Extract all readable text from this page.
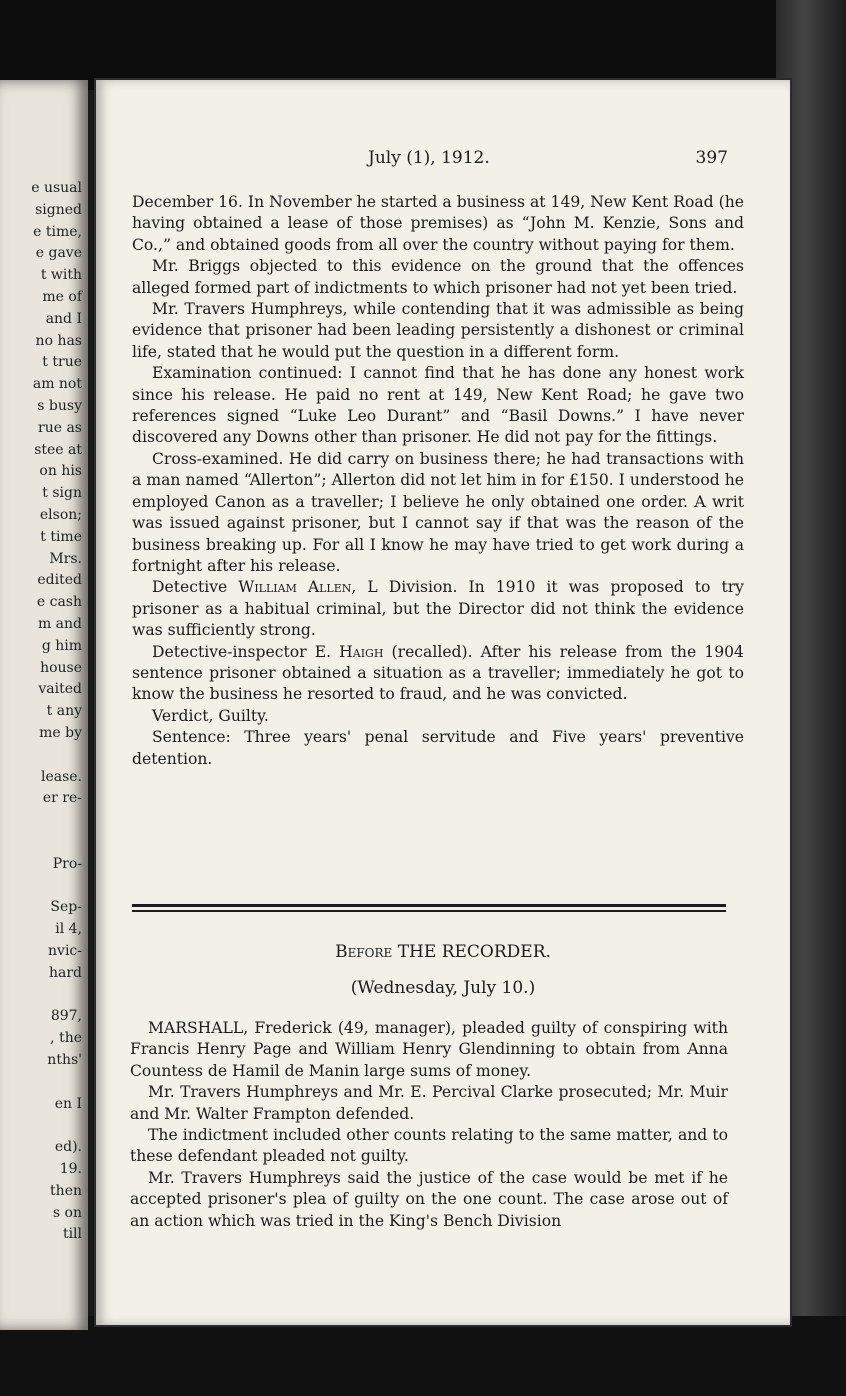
e usual
signed
e time,
e gave
t with
me of
and I
no has
t true
am not
s busy
rue as
stee at
on his
t sign
elson;
t time
Mrs.
edited
e cash
m and
g him
house
vaited
t any
me by
lease.
er re-
Pro-
Sep-
il 4,
nvic-
hard
897,
, the
nths'
en I
ed).
19.
then
s on
till
July (1), 1912.	397

December 16. In November he started a business at 149, New Kent Road (he having obtained a lease of those premises) as “John M. Kenzie, Sons and Co.,” and obtained goods from all over the country without paying for them.

Mr. Briggs objected to this evidence on the ground that the offences alleged formed part of indictments to which prisoner had not yet been tried.

Mr. Travers Humphreys, while contending that it was admissible as being evidence that prisoner had been leading persistently a dishonest or criminal life, stated that he would put the question in a different form.

Examination continued: I cannot find that he has done any honest work since his release. He paid no rent at 149, New Kent Road; he gave two references signed “Luke Leo Durant” and “Basil Downs.” I have never discovered any Downs other than prisoner. He did not pay for the fittings.

Cross-examined. He did carry on business there; he had transactions with a man named “Allerton”; Allerton did not let him in for £150. I understood he employed Canon as a traveller; I believe he only obtained one order. A writ was issued against prisoner, but I cannot say if that was the reason of the business breaking up. For all I know he may have tried to get work during a fortnight after his release.

Detective William Allen, L Division. In 1910 it was proposed to try prisoner as a habitual criminal, but the Director did not think the evidence was sufficiently strong.

Detective-inspector E. Haigh (recalled). After his release from the 1904 sentence prisoner obtained a situation as a traveller; immediately he got to know the business he resorted to fraud, and he was convicted.

Verdict, Guilty.

Sentence: Three years' penal servitude and Five years' preventive detention.

Before THE RECORDER.
(Wednesday, July 10.)

MARSHALL, Frederick (49, manager), pleaded guilty of conspiring with Francis Henry Page and William Henry Glendinning to obtain from Anna Countess de Hamil de Manin large sums of money.

Mr. Travers Humphreys and Mr. E. Percival Clarke prosecuted; Mr. Muir and Mr. Walter Frampton defended.

The indictment included other counts relating to the same matter, and to these defendant pleaded not guilty.

Mr. Travers Humphreys said the justice of the case would be met if he accepted prisoner's plea of guilty on the one count. The case arose out of an action which was tried in the King's Bench Division
